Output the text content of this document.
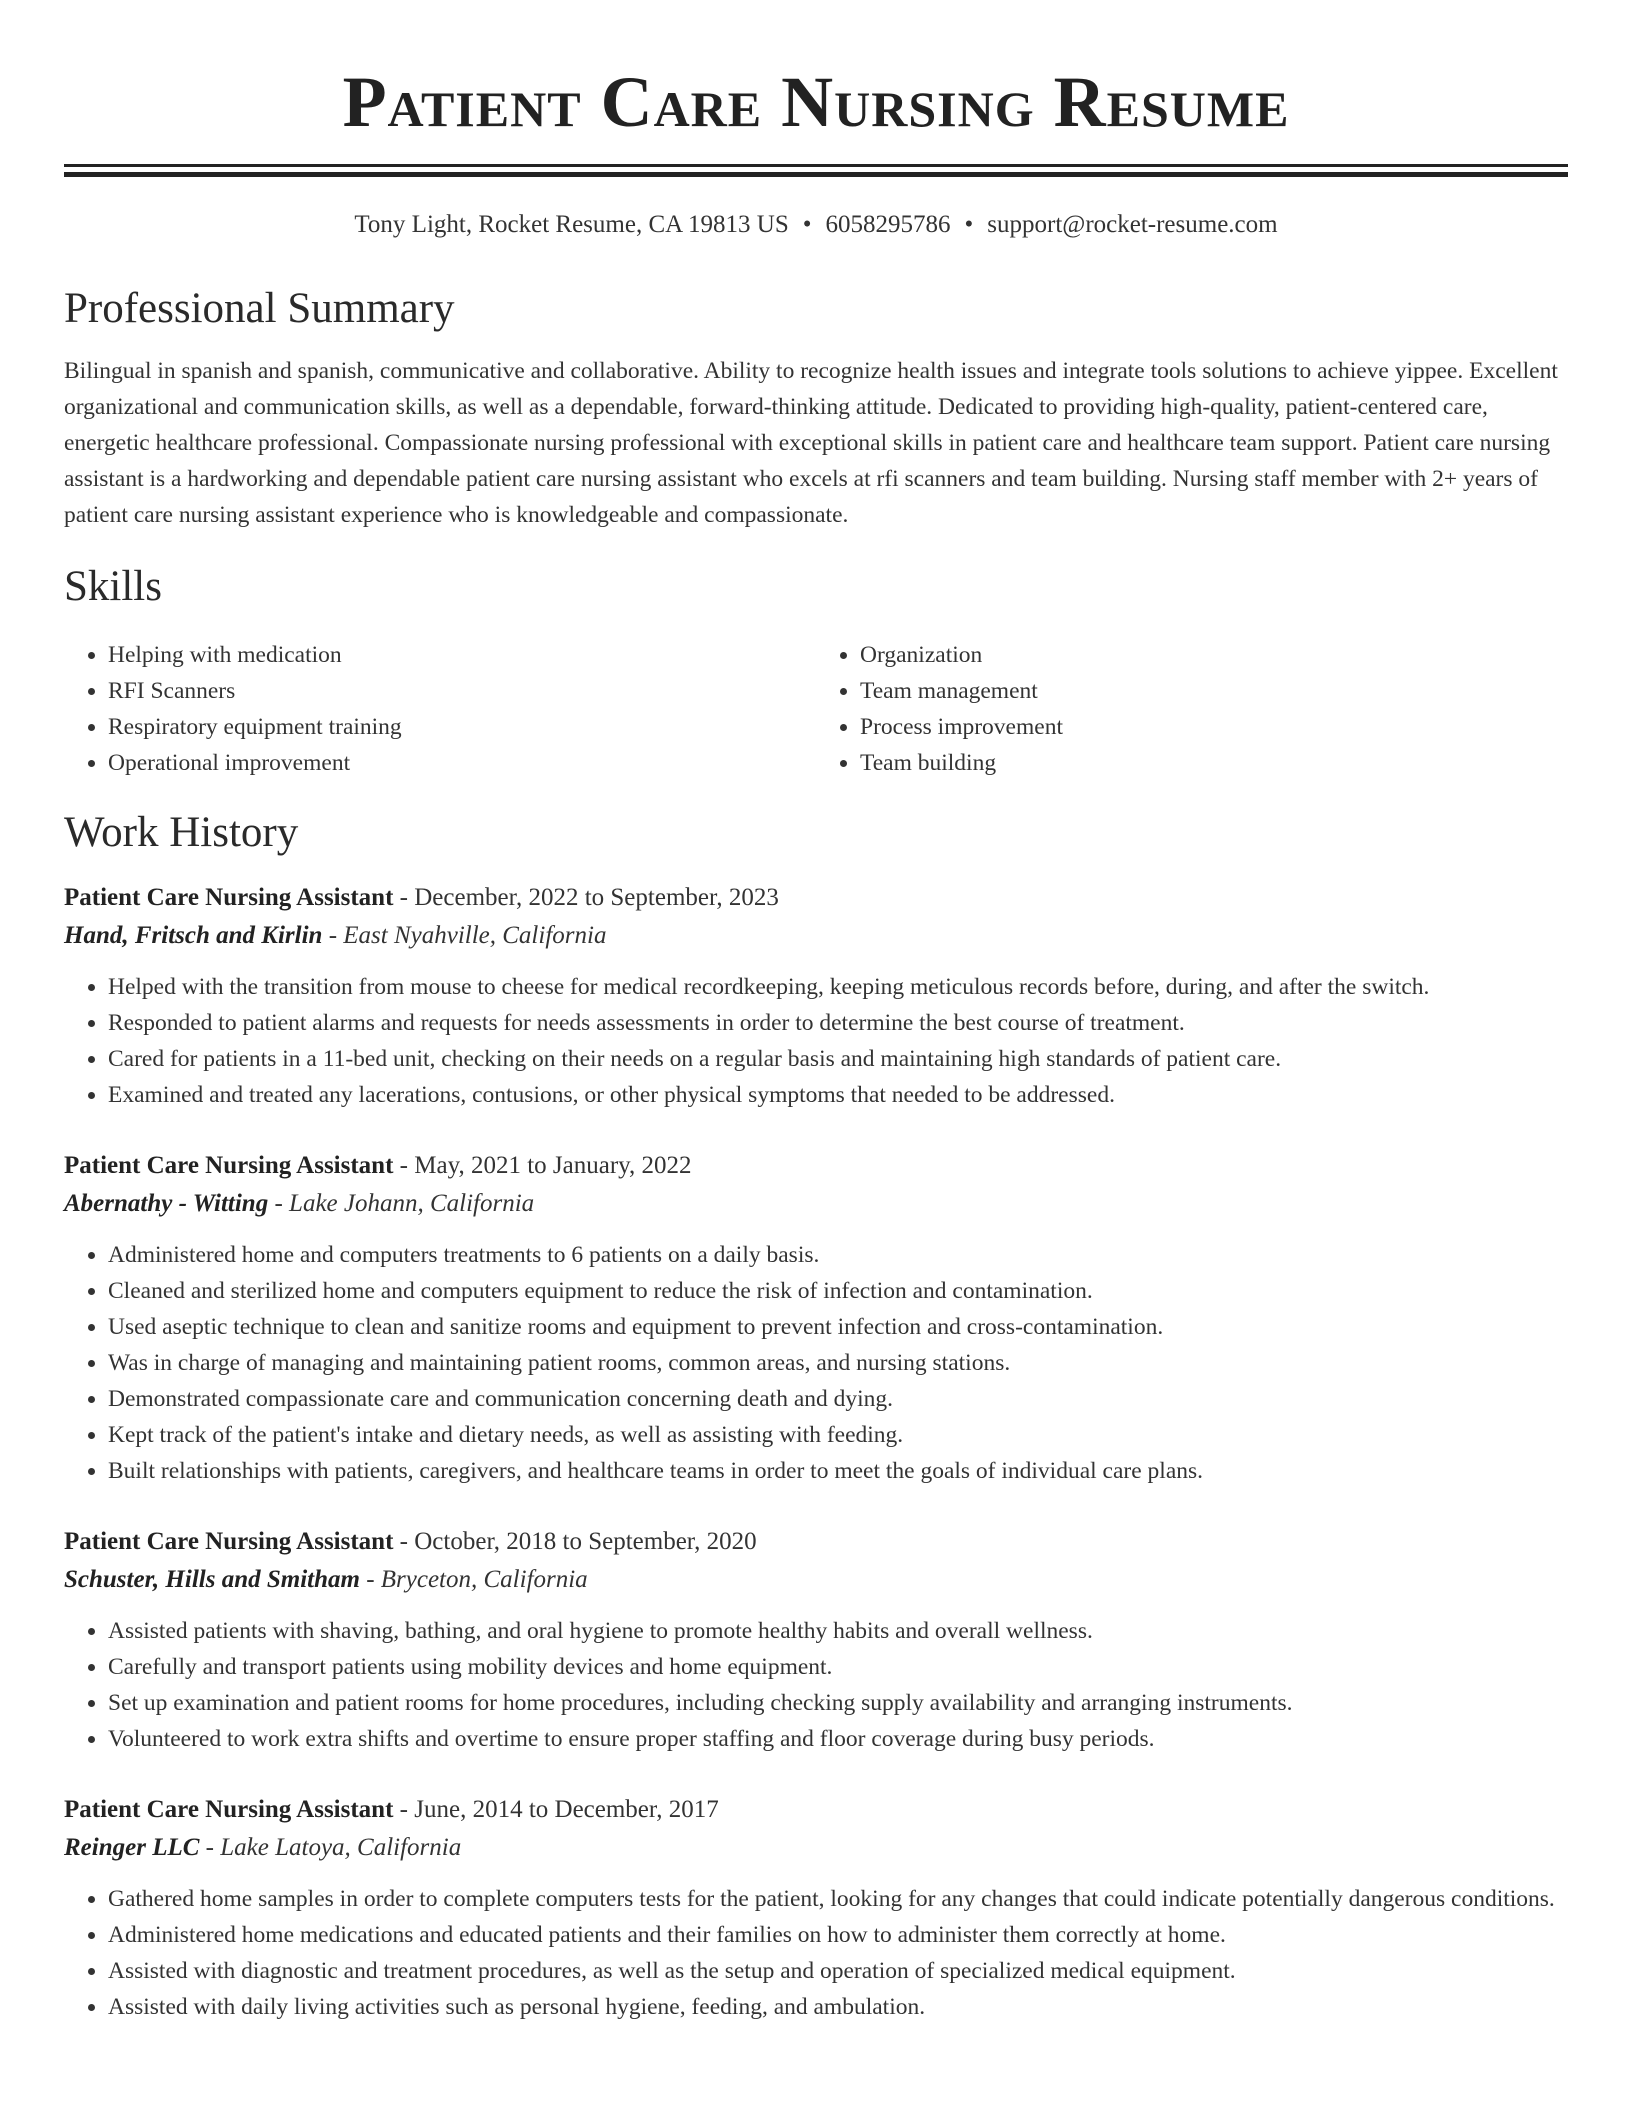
Patient Care Nursing Resume
Tony Light, Rocket Resume, CA 19813 US • 6058295786 • support@rocket-resume.com
Professional Summary

Bilingual in spanish and spanish, communicative and collaborative. Ability to recognize health issues and integrate tools solutions to achieve yippee. Excellent organizational and communication skills, as well as a dependable, forward-thinking attitude. Dedicated to providing high-quality, patient-centered care, energetic healthcare professional. Compassionate nursing professional with exceptional skills in patient care and healthcare team support. Patient care nursing assistant is a hardworking and dependable patient care nursing assistant who excels at rfi scanners and team building. Nursing staff member with 2+ years of patient care nursing assistant experience who is knowledgeable and compassionate.

Skills
• Helping with medication
• RFI Scanners
• Respiratory equipment training
• Operational improvement
• Organization
• Team management
• Process improvement
• Team building
Work History
Patient Care Nursing Assistant - December, 2022 to September, 2023
Hand, Fritsch and Kirlin - East Nyahville, California
• Helped with the transition from mouse to cheese for medical recordkeeping, keeping meticulous records before, during, and after the switch.
• Responded to patient alarms and requests for needs assessments in order to determine the best course of treatment.
• Cared for patients in a 11-bed unit, checking on their needs on a regular basis and maintaining high standards of patient care.
• Examined and treated any lacerations, contusions, or other physical symptoms that needed to be addressed.
Patient Care Nursing Assistant - May, 2021 to January, 2022
Abernathy - Witting - Lake Johann, California
• Administered home and computers treatments to 6 patients on a daily basis.
• Cleaned and sterilized home and computers equipment to reduce the risk of infection and contamination.
• Used aseptic technique to clean and sanitize rooms and equipment to prevent infection and cross-contamination.
• Was in charge of managing and maintaining patient rooms, common areas, and nursing stations.
• Demonstrated compassionate care and communication concerning death and dying.
• Kept track of the patient's intake and dietary needs, as well as assisting with feeding.
• Built relationships with patients, caregivers, and healthcare teams in order to meet the goals of individual care plans.
Patient Care Nursing Assistant - October, 2018 to September, 2020
Schuster, Hills and Smitham - Bryceton, California
• Assisted patients with shaving, bathing, and oral hygiene to promote healthy habits and overall wellness.
• Carefully and transport patients using mobility devices and home equipment.
• Set up examination and patient rooms for home procedures, including checking supply availability and arranging instruments.
• Volunteered to work extra shifts and overtime to ensure proper staffing and floor coverage during busy periods.
Patient Care Nursing Assistant - June, 2014 to December, 2017
Reinger LLC - Lake Latoya, California
• Gathered home samples in order to complete computers tests for the patient, looking for any changes that could indicate potentially dangerous conditions.
• Administered home medications and educated patients and their families on how to administer them correctly at home.
• Assisted with diagnostic and treatment procedures, as well as the setup and operation of specialized medical equipment.
• Assisted with daily living activities such as personal hygiene, feeding, and ambulation.
